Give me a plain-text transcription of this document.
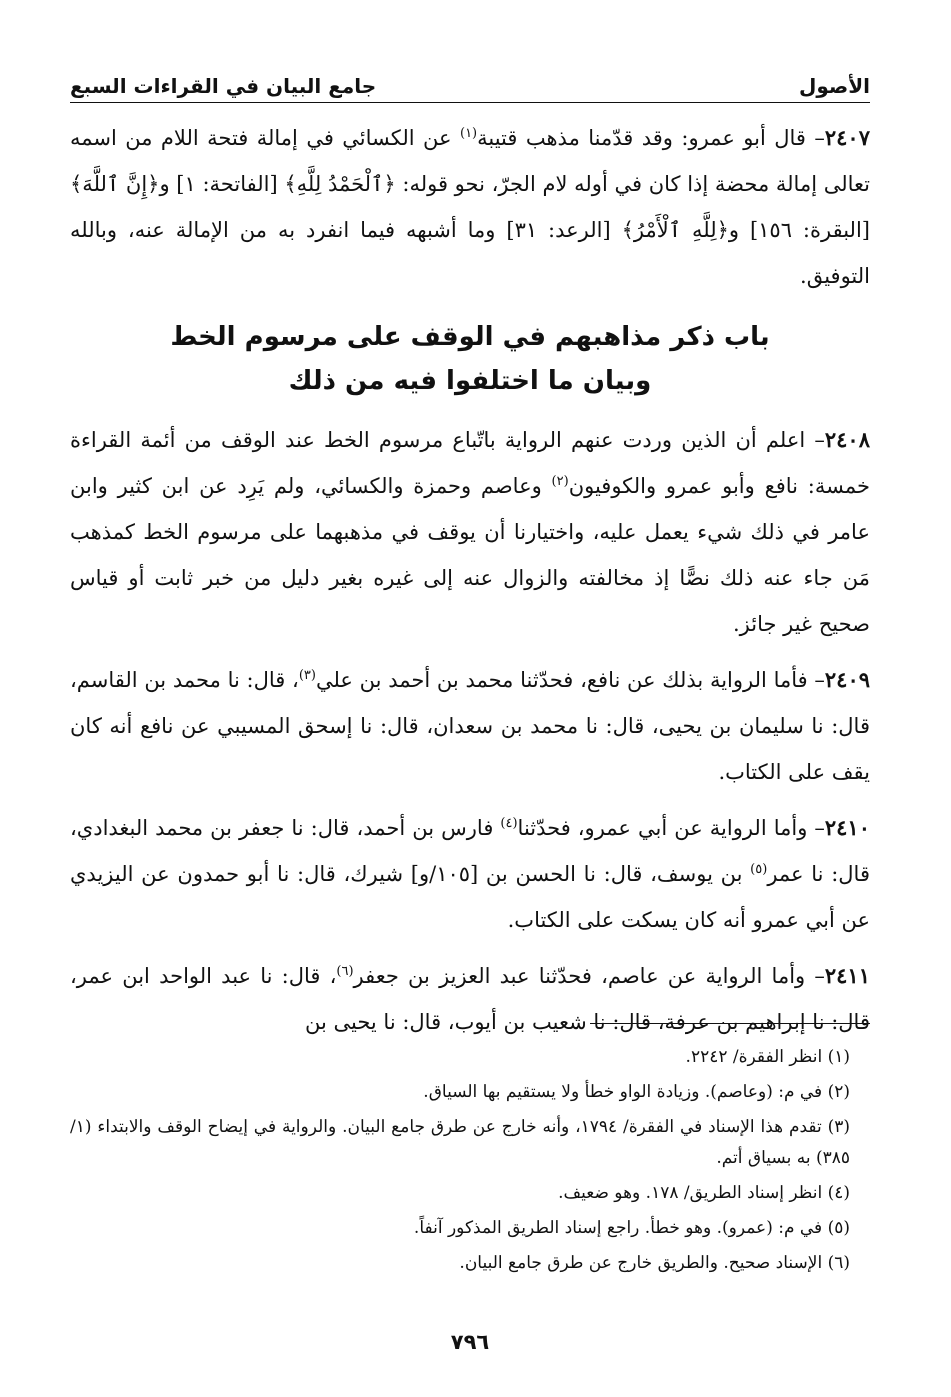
الأصول
جامع البيان في القراءات السبع

٢٤٠٧– قال أبو عمرو: وقد قدّمنا مذهب قتيبة$^{(١)}$ عن الكسائي في إمالة فتحة اللام من اسمه تعالى إمالة محضة إذا كان في أوله لام الجرّ، نحو قوله: ﴿ٱلْحَمْدُ لِلَّهِ﴾ [الفاتحة: ١] و﴿إِنَّ ٱللَّهَ﴾ [البقرة: ١٥٦] و﴿لِلَّهِ ٱلْأَمْرُ﴾ [الرعد: ٣١] وما أشبهه فيما انفرد به من الإمالة عنه، وبالله التوفيق.

باب ذكر مذاهبهم في الوقف على مرسوم الخط
وبيان ما اختلفوا فيه من ذلك

٢٤٠٨– اعلم أن الذين وردت عنهم الرواية باتّباع مرسوم الخط عند الوقف من أئمة القراءة خمسة: نافع وأبو عمرو والكوفيون$^{(٢)}$ وعاصم وحمزة والكسائي، ولم يَرِد عن ابن كثير وابن عامر في ذلك شيء يعمل عليه، واختيارنا أن يوقف في مذهبهما على مرسوم الخط كمذهب مَن جاء عنه ذلك نصًّا إذ مخالفته والزوال عنه إلى غيره بغير دليل من خبر ثابت أو قياس صحيح غير جائز.

٢٤٠٩– فأما الرواية بذلك عن نافع، فحدّثنا محمد بن أحمد بن علي$^{(٣)}$، قال: نا محمد بن القاسم، قال: نا سليمان بن يحيى، قال: نا محمد بن سعدان، قال: نا إسحق المسيبي عن نافع أنه كان يقف على الكتاب.

٢٤١٠– وأما الرواية عن أبي عمرو، فحدّثنا$^{(٤)}$ فارس بن أحمد، قال: نا جعفر بن محمد البغدادي، قال: نا عمر$^{(٥)}$ بن يوسف، قال: نا الحسن بن [١٠٥/و] شيرك، قال: نا أبو حمدون عن اليزيدي عن أبي عمرو أنه كان يسكت على الكتاب.

٢٤١١– وأما الرواية عن عاصم، فحدّثنا عبد العزيز بن جعفر$^{(٦)}$، قال: نا عبد الواحد ابن عمر، قال: نا إبراهيم بن عرفة، قال: نا شعيب بن أيوب، قال: نا يحيى بن

(١) انظر الفقرة/ ٢٢٤٢.

(٢) في م: (وعاصم). وزيادة الواو خطأ ولا يستقيم بها السياق.

(٣) تقدم هذا الإسناد في الفقرة/ ١٧٩٤، وأنه خارج عن طرق جامع البيان. والرواية في إيضاح الوقف والابتداء (١/ ٣٨٥) به بسياق أتم.

(٤) انظر إسناد الطريق/ ١٧٨. وهو ضعيف.

(٥) في م: (عمرو). وهو خطأ. راجع إسناد الطريق المذكور آنفاً.

(٦) الإسناد صحيح. والطريق خارج عن طرق جامع البيان.

٧٩٦
